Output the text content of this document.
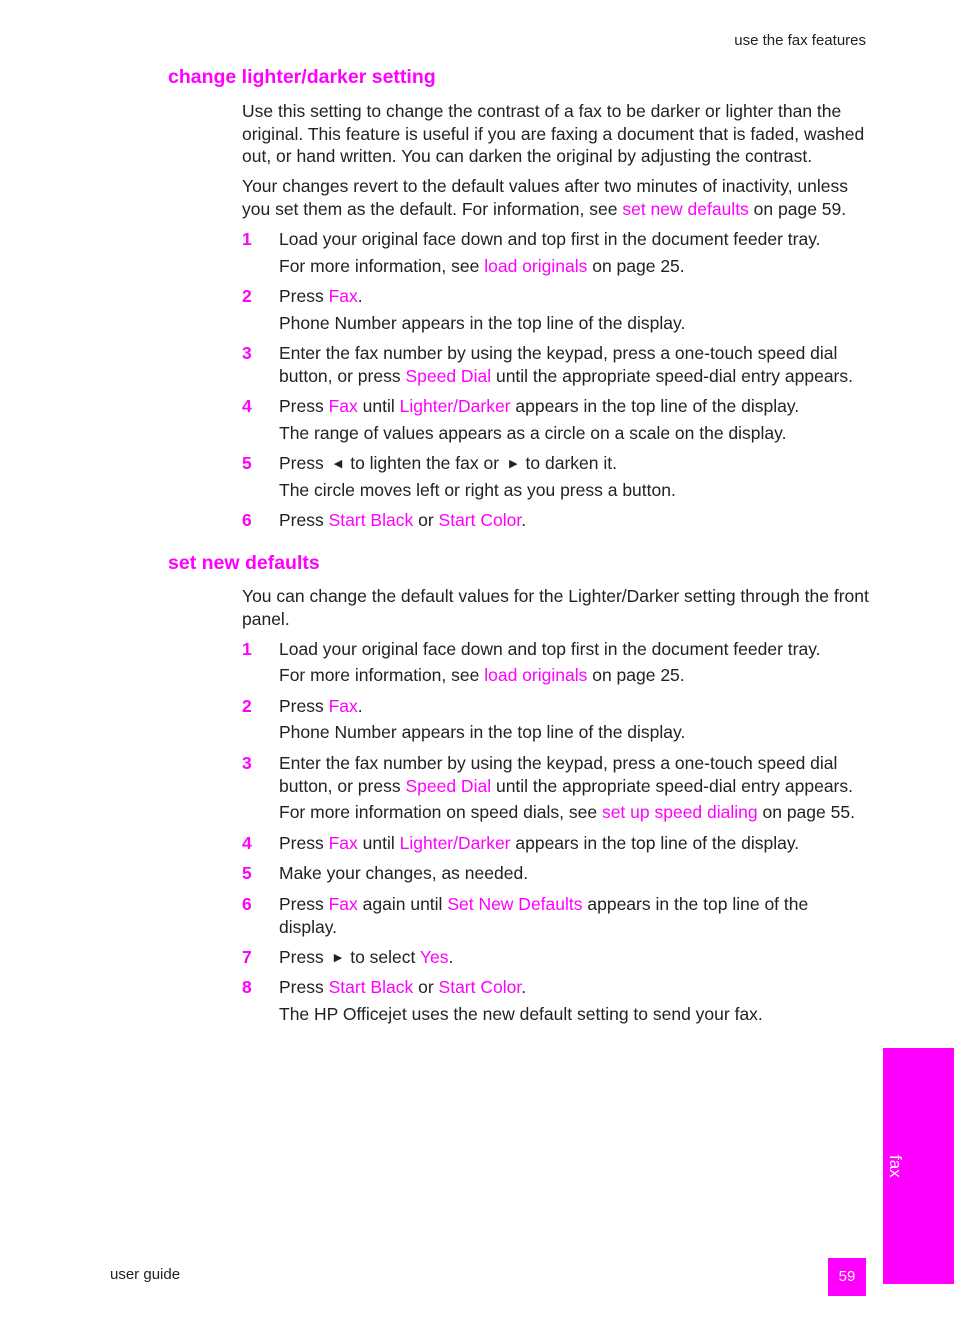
use the fax features
change lighter/darker setting
Use this setting to change the contrast of a fax to be darker or lighter than the original. This feature is useful if you are faxing a document that is faded, washed out, or hand written. You can darken the original by adjusting the contrast.
Your changes revert to the default values after two minutes of inactivity, unless you set them as the default. For information, see set new defaults on page 59.
1 Load your original face down and top first in the document feeder tray.
For more information, see load originals on page 25.
2 Press Fax.
Phone Number appears in the top line of the display.
3 Enter the fax number by using the keypad, press a one-touch speed dial button, or press Speed Dial until the appropriate speed-dial entry appears.
4 Press Fax until Lighter/Darker appears in the top line of the display.
The range of values appears as a circle on a scale on the display.
5 Press ◀ to lighten the fax or ▶ to darken it.
The circle moves left or right as you press a button.
6 Press Start Black or Start Color.
set new defaults
You can change the default values for the Lighter/Darker setting through the front panel.
1 Load your original face down and top first in the document feeder tray.
For more information, see load originals on page 25.
2 Press Fax.
Phone Number appears in the top line of the display.
3 Enter the fax number by using the keypad, press a one-touch speed dial button, or press Speed Dial until the appropriate speed-dial entry appears.
For more information on speed dials, see set up speed dialing on page 55.
4 Press Fax until Lighter/Darker appears in the top line of the display.
5 Make your changes, as needed.
6 Press Fax again until Set New Defaults appears in the top line of the display.
7 Press ▶ to select Yes.
8 Press Start Black or Start Color.
The HP Officejet uses the new default setting to send your fax.
fax
user guide	59
